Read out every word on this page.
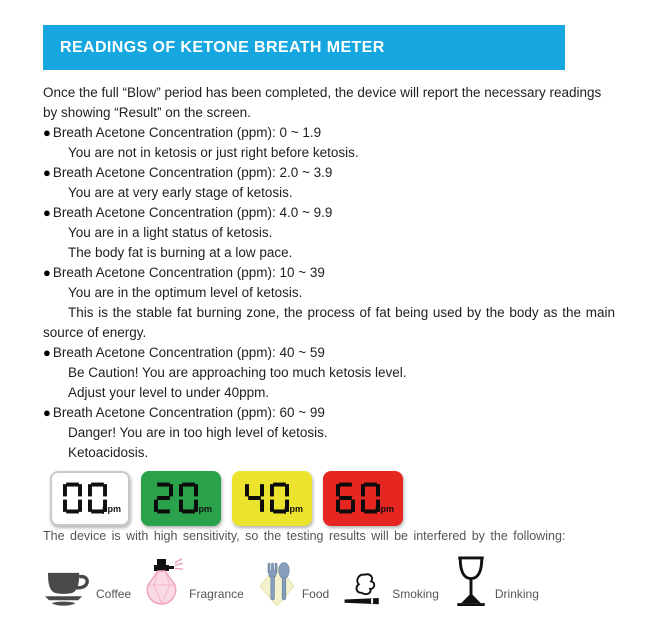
READINGS OF KETONE BREATH METER

Once the full “Blow” period has been completed, the device will report the necessary readings by showing “Result” on the screen.

● Breath Acetone Concentration (ppm): 0 ~ 1.9

You are not in ketosis or just right before ketosis.

● Breath Acetone Concentration (ppm): 2.0 ~ 3.9

You are at very early stage of ketosis.

● Breath Acetone Concentration (ppm): 4.0 ~ 9.9

You are in a light status of ketosis.

The body fat is burning at a low pace.

● Breath Acetone Concentration (ppm): 10 ~ 39

You are in the optimum level of ketosis.

This is the stable fat burning zone, the process of fat being used by the body as the main source of energy.

● Breath Acetone Concentration (ppm): 40 ~ 59

Be Caution! You are approaching too much ketosis level.

Adjust your level to under 40ppm.

● Breath Acetone Concentration (ppm): 60 ~ 99

Danger! You are in too high level of ketosis.

Ketoacidosis.

ppm	ppm	ppm	ppm

The device is with high sensitivity, so the testing results will be interfered by the following:

Coffee	Fragrance	Food	Smoking	Drinking
